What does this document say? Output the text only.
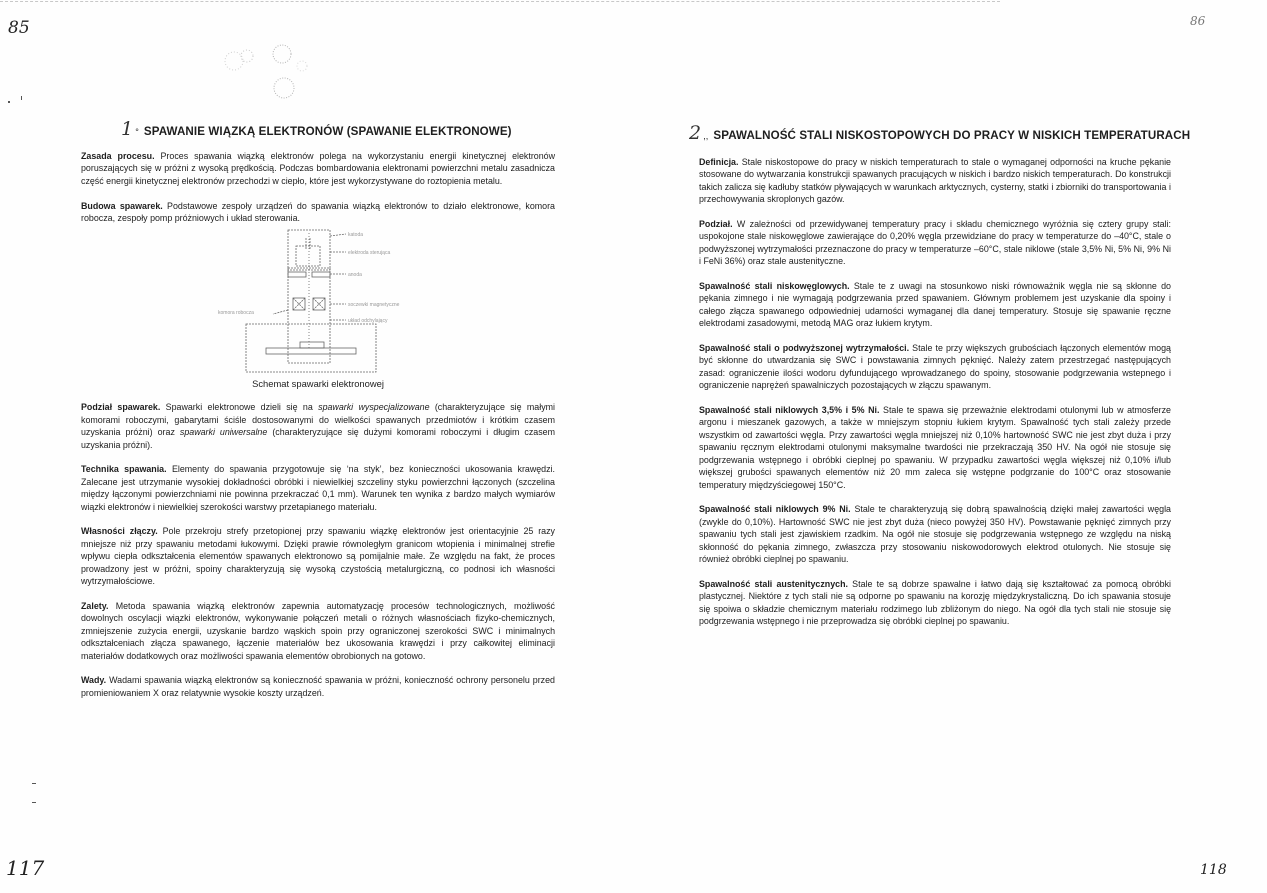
85	86
117	118
1 ° SPAWANIE WIĄZKĄ ELEKTRONÓW (SPAWANIE ELEKTRONOWE)

Zasada procesu. Proces spawania wiązką elektronów polega na wykorzystaniu energii kinetycznej elektronów poruszających się w próżni z wysoką prędkością. Podczas bombardowania elektronami powierzchni metalu zasadnicza część energii kinetycznej elektronów przechodzi w ciepło, które jest wykorzystywane do roztopienia metalu.

Budowa spawarek. Podstawowe zespoły urządzeń do spawania wiązką elektronów to działo elektronowe, komora robocza, zespoły pomp próżniowych i układ sterowania.

katoda
elektroda sterująca
anoda
soczewki magnetyczne
układ odchylający
komora robocza
Schemat spawarki elektronowej

Podział spawarek. Spawarki elektronowe dzieli się na spawarki wyspecjalizowane (charakteryzujące się małymi komorami roboczymi, gabarytami ściśle dostosowanymi do wielkości spawanych przedmiotów i krótkim czasem uzyskania próżni) oraz spawarki uniwersalne (charakteryzujące się dużymi komorami roboczymi i długim czasem uzyskania próżni).

Technika spawania. Elementy do spawania przygotowuje się ‘na styk’, bez konieczności ukosowania krawędzi. Zalecane jest utrzymanie wysokiej dokładności obróbki i niewielkiej szczeliny styku powierzchni łączonych (szczelina między łączonymi powierzchniami nie powinna przekraczać 0,1 mm). Warunek ten wynika z bardzo małych wymiarów wiązki elektronów i niewielkiej szerokości warstwy przetapianego materiału.

Własności złączy. Pole przekroju strefy przetopionej przy spawaniu wiązkę elektronów jest orientacyjnie 25 razy mniejsze niż przy spawaniu metodami łukowymi. Dzięki prawie równoległym granicom wtopienia i minimalnej strefie wpływu ciepła odkształcenia elementów spawanych elektronowo są pomijalnie małe. Ze względu na fakt, że proces prowadzony jest w próżni, spoiny charakteryzują się wysoką czystością metalurgiczną, co podnosi ich własności wytrzymałościowe.

Zalety. Metoda spawania wiązką elektronów zapewnia automatyzację procesów technologicznych, możliwość dowolnych oscylacji wiązki elektronów, wykonywanie połączeń metali o różnych własnościach fizyko-chemicznych, zmniejszenie zużycia energii, uzyskanie bardzo wąskich spoin przy ograniczonej szerokości SWC i minimalnych odkształceniach złącza spawanego, łączenie materiałów bez ukosowania krawędzi i przy całkowitej eliminacji materiałów dodatkowych oraz możliwości spawania elementów obrobionych na gotowo.

Wady. Wadami spawania wiązką elektronów są konieczność spawania w próżni, konieczność ochrony personelu przed promieniowaniem X oraz relatywnie wysokie koszty urządzeń.

2 ,, SPAWALNOŚĆ STALI NISKOSTOPOWYCH DO PRACY W NISKICH TEMPERATURACH

Definicja. Stale niskostopowe do pracy w niskich temperaturach to stale o wymaganej odporności na kruche pękanie stosowane do wytwarzania konstrukcji spawanych pracujących w niskich i bardzo niskich temperaturach. Do konstrukcji takich zalicza się kadłuby statków pływających w warunkach arktycznych, cysterny, statki i zbiorniki do transportowania i przechowywania skroplonych gazów.

Podział. W zależności od przewidywanej temperatury pracy i składu chemicznego wyróżnia się cztery grupy stali: uspokojone stale niskowęglowe zawierające do 0,20% węgla przewidziane do pracy w temperaturze do –40°C, stale o podwyższonej wytrzymałości przeznaczone do pracy w temperaturze –60°C, stale niklowe (stale 3,5% Ni, 5% Ni, 9% Ni i FeNi 36%) oraz stale austenityczne.

Spawalność stali niskowęglowych. Stale te z uwagi na stosunkowo niski równoważnik węgla nie są skłonne do pękania zimnego i nie wymagają podgrzewania przed spawaniem. Głównym problemem jest uzyskanie dla spoiny i całego złącza spawanego odpowiedniej udarności wymaganej dla danej temperatury. Stosuje się spawanie ręczne elektrodami zasadowymi, metodą MAG oraz łukiem krytym.

Spawalność stali o podwyższonej wytrzymałości. Stale te przy większych grubościach łączonych elementów mogą być skłonne do utwardzania się SWC i powstawania zimnych pęknięć. Należy zatem przestrzegać następujących zasad: ograniczenie ilości wodoru dyfundującego wprowadzanego do spoiny, stosowanie podgrzewania wstepnego i ograniczenie naprężeń spawalniczych pozostających w złączu spawanym.

Spawalność stali niklowych 3,5% i 5% Ni. Stale te spawa się przeważnie elektrodami otulonymi lub w atmosferze argonu i mieszanek gazowych, a także w mniejszym stopniu łukiem krytym. Spawalność tych stali zależy przede wszystkim od zawartości węgla. Przy zawartości węgla mniejszej niż 0,10% hartowność SWC nie jest zbyt duża i przy spawaniu ręcznym elektrodami otulonymi maksymalne twardości nie przekraczają 350 HV. Na ogół nie stosuje się podgrzewania wstępnego i obróbki cieplnej po spawaniu. W przypadku zawartości węgla większej niż 0,10% i/lub większej grubości spawanych elementów niż 20 mm zaleca się wstępne podgrzanie do 100°C oraz stosowanie temperatury międzyściegowej 150°C.

Spawalność stali niklowych 9% Ni. Stale te charakteryzują się dobrą spawalnością dzięki małej zawartości węgla (zwykle do 0,10%). Hartowność SWC nie jest zbyt duża (nieco powyżej 350 HV). Powstawanie pęknięć zimnych przy spawaniu tych stali jest zjawiskiem rzadkim. Na ogół nie stosuje się podgrzewania wstępnego ze względu na niską skłonność do pękania zimnego, zwłaszcza przy stosowaniu niskowodorowych elektrod otulonych. Nie stosuje się również obróbki cieplnej po spawaniu.

Spawalność stali austenitycznych. Stale te są dobrze spawalne i łatwo dają się kształtować za pomocą obróbki plastycznej. Niektóre z tych stali nie są odporne po spawaniu na korozję międzykrystaliczną. Do ich spawania stosuje się spoiwa o składzie chemicznym materiału rodzimego lub zbliżonym do niego. Na ogół dla tych stali nie stosuje się podgrzewania wstępnego i nie przeprowadza się obróbki cieplnej po spawaniu.
